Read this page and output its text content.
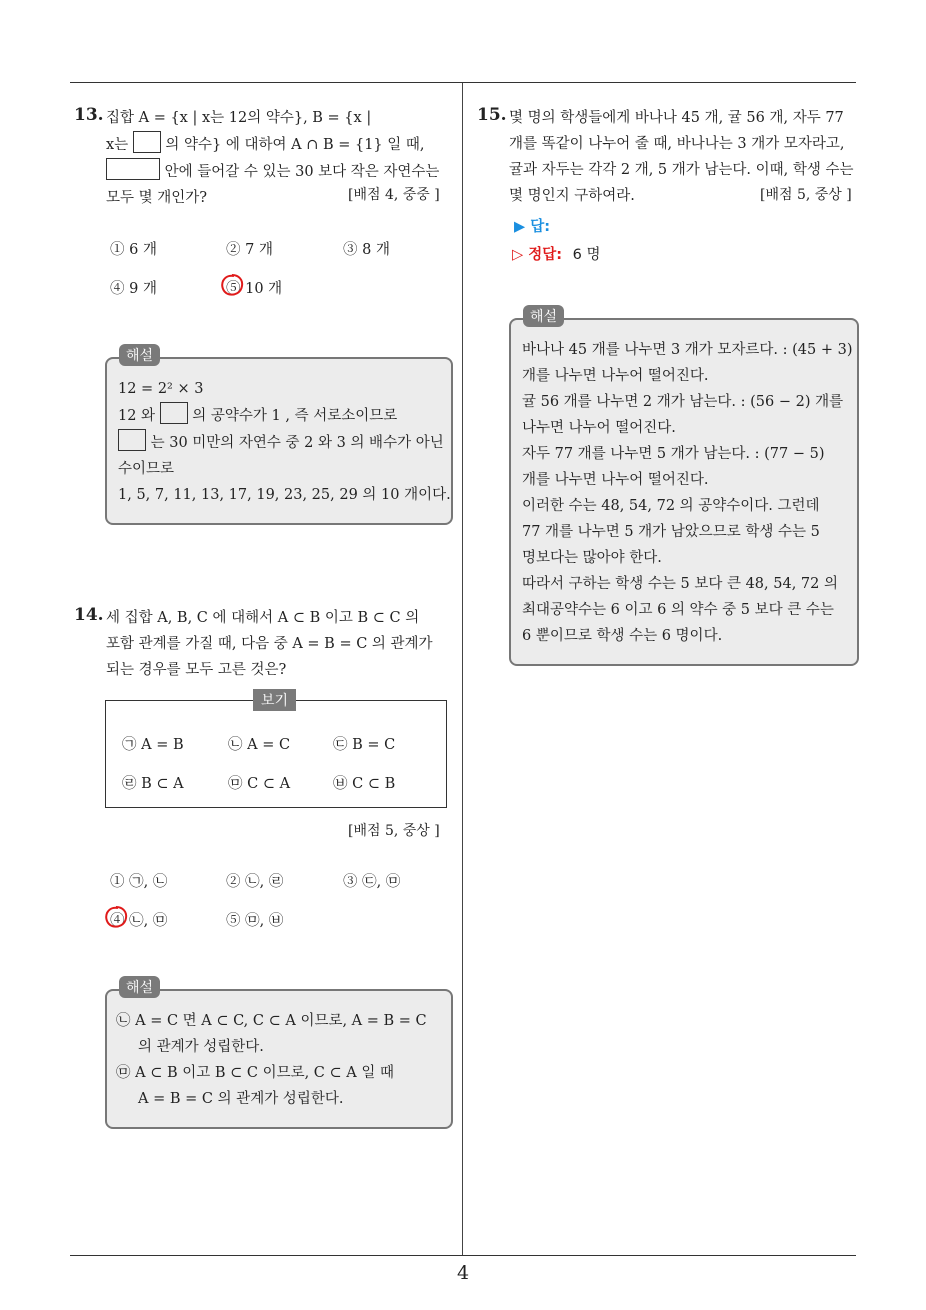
4
13. 집합 A = {x | x는 12의 약수}, B = {x |
x는	의 약수} 에 대하여 A ∩ B = {1} 일 때,
안에 들어갈 수 있는 30 보다 작은 자연수는
모두 몇 개인가?	[배점 4, 중중 ]
① 6 개	② 7 개	③ 8 개
④ 9 개	⑤ 10 개
해설
12 = 2² × 3
12 와	의 공약수가 1 , 즉 서로소이므로
는 30 미만의 자연수 중 2 와 3 의 배수가 아닌
수이므로
1, 5, 7, 11, 13, 17, 19, 23, 25, 29 의 10 개이다.
14. 세 집합 A, B, C 에 대해서 A ⊂ B 이고 B ⊂ C 의
포함 관계를 가질 때, 다음 중 A = B = C 의 관계가
되는 경우를 모두 고른 것은?
보기
㉠ A = B	㉡ A = C	㉢ B = C
㉣ B ⊂ A	㉤ C ⊂ A	㉥ C ⊂ B
[배점 5, 중상 ]
① ㉠, ㉡	② ㉡, ㉣	③ ㉢, ㉤
④ ㉡, ㉤	⑤ ㉤, ㉥
해설
㉡ A = C 면 A ⊂ C, C ⊂ A 이므로, A = B = C
의 관계가 성립한다.
㉤ A ⊂ B 이고 B ⊂ C 이므로, C ⊂ A 일 때
A = B = C 의 관계가 성립한다.
15. 몇 명의 학생들에게 바나나 45 개, 귤 56 개, 자두 77
개를 똑같이 나누어 줄 때, 바나나는 3 개가 모자라고,
귤과 자두는 각각 2 개, 5 개가 남는다. 이때, 학생 수는
몇 명인지 구하여라.	[배점 5, 중상 ]
▶ 답:
▷ 정답: 6 명
해설
바나나 45 개를 나누면 3 개가 모자르다. : (45 + 3)
개를 나누면 나누어 떨어진다.
귤 56 개를 나누면 2 개가 남는다. : (56 − 2) 개를
나누면 나누어 떨어진다.
자두 77 개를 나누면 5 개가 남는다. : (77 − 5)
개를 나누면 나누어 떨어진다.
이러한 수는 48, 54, 72 의 공약수이다. 그런데
77 개를 나누면 5 개가 남았으므로 학생 수는 5
명보다는 많아야 한다.
따라서 구하는 학생 수는 5 보다 큰 48, 54, 72 의
최대공약수는 6 이고 6 의 약수 중 5 보다 큰 수는
6 뿐이므로 학생 수는 6 명이다.
